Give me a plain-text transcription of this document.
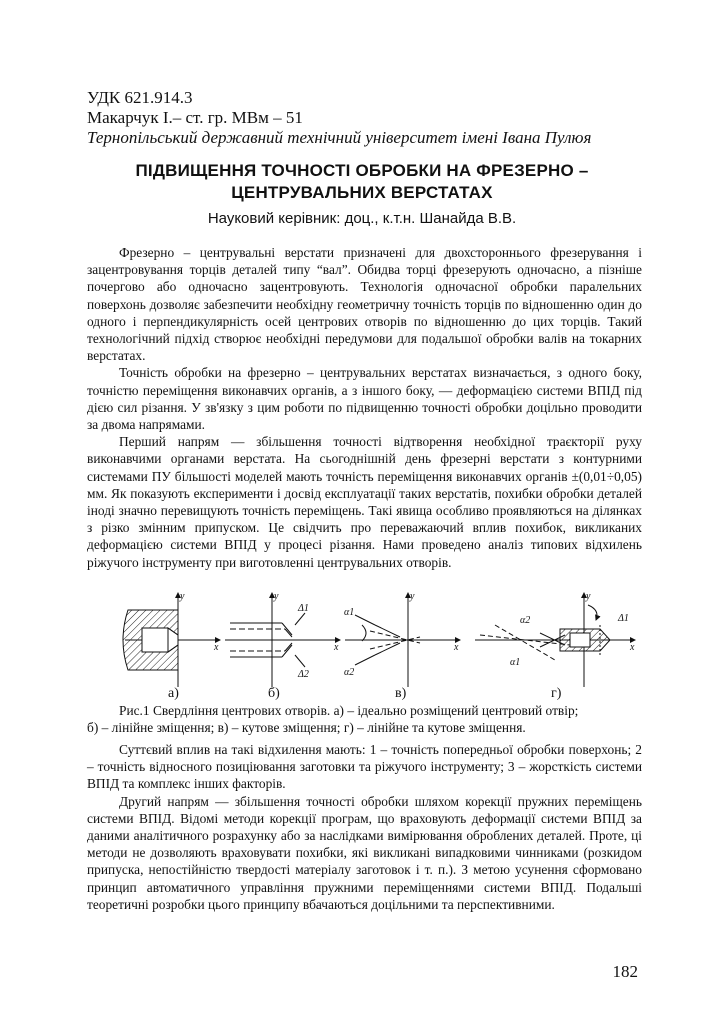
УДК 621.914.3
Макарчук І.– ст. гр. МВм – 51
Тернопільський державний технічний університет імені Івана Пулюя
ПІДВИЩЕННЯ ТОЧНОСТІ ОБРОБКИ НА ФРЕЗЕРНО –
ЦЕНТРУВАЛЬНИХ ВЕРСТАТАХ
Науковий керівник: доц., к.т.н. Шанайда В.В.

Фрезерно – центрувальні верстати призначені для двохстороннього фрезерування і зацентровування торців деталей типу “вал”. Обидва торці фрезерують одночасно, а пізніше почергово або одночасно зацентровують. Технологія одночасної обробки паралельних поверхонь дозволяє забезпечити необхідну геометричну точність торців по відношенню один до одного і перпендикулярність осей центрових отворів по відношенню до цих торців. Такий технологічний підхід створює необхідні передумови для подальшої обробки валів на токарних верстатах.

Точність обробки на фрезерно – центрувальних верстатах визначається, з одного боку, точністю переміщення виконавчих органів, а з іншого боку, — деформацією системи ВПІД під дією сил різання. У зв'язку з цим роботи по підвищенню точності обробки доцільно проводити за двома напрямами.

Перший напрям — збільшення точності відтворення необхідної траєкторії руху виконавчими органами верстата. На сьогоднішній день фрезерні верстати з контурними системами ПУ більшості моделей мають точність переміщення виконавчих органів ±(0,01÷0,05) мм. Як показують експерименти і досвід експлуатації таких верстатів, похибки обробки деталей іноді значно перевищують точність переміщень. Такі явища особливо проявляються на ділянках з різко змінним припуском. Це свідчить про переважаючий вплив похибок, викликаних деформацією системи ВПІД у процесі різання. Нами проведено аналіз типових відхилень ріжучого інструменту при виготовленні центрувальних отворів.

y
x
y
x
Δ1
Δ2
y
x
α1
α2
y
x
α2
α1
Δ1
а)	б)	в)	г)
Рис.1 Свердління центрових отворів. а) – ідеально розміщений центровий отвір;
б) – лінійне зміщення; в) – кутове зміщення; г) – лінійне та кутове зміщення.

Суттєвий вплив на такі відхилення мають: 1 – точність попередньої обробки поверхонь; 2 – точність відносного позиціювання заготовки та ріжучого інструменту; 3 – жорсткість системи ВПІД та комплекс інших факторів.

Другий напрям — збільшення точності обробки шляхом корекції пружних переміщень системи ВПІД. Відомі методи корекції програм, що враховують деформації системи ВПІД за даними аналітичного розрахунку або за наслідками вимірювання оброблених деталей. Проте, ці методи не дозволяють враховувати похибки, які викликані випадковими чинниками (розкидом припуска, непостійністю твердості матеріалу заготовок і т. п.). З метою усунення сформовано принцип автоматичного управління пружними переміщеннями системи ВПІД. Подальші теоретичні розробки цього принципу вбачаються доцільними та перспективними.

182
